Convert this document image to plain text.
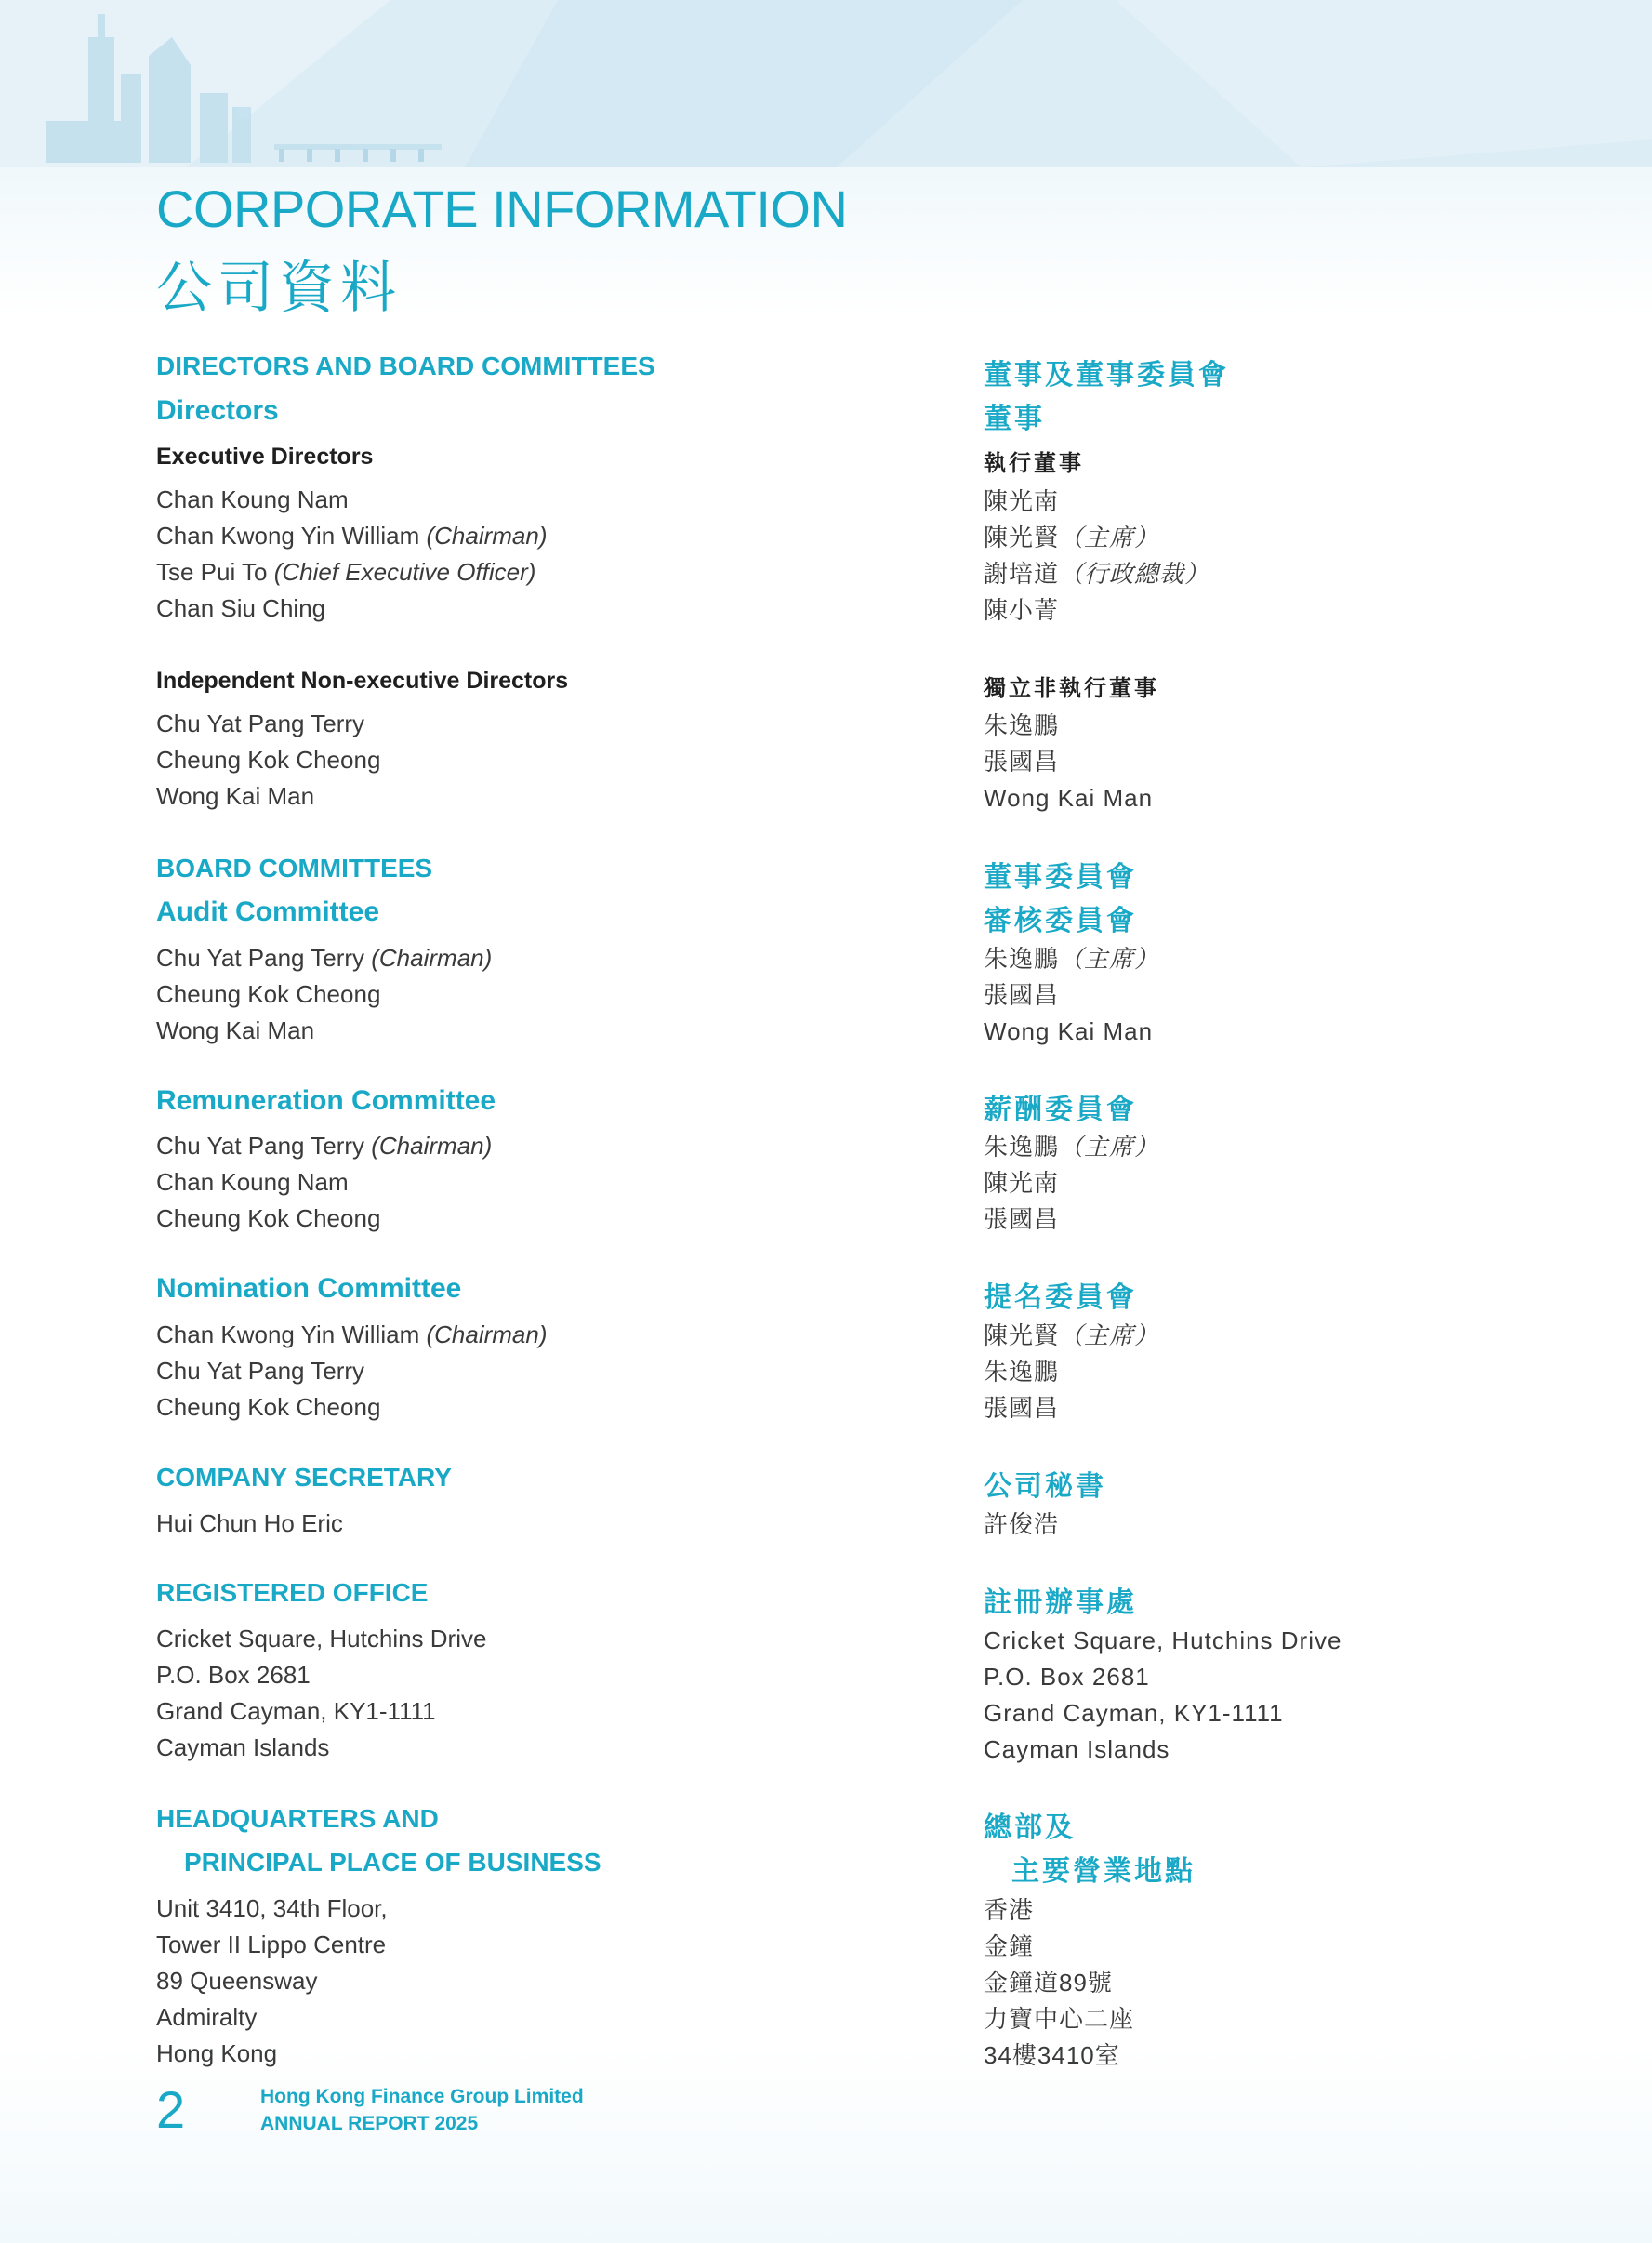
CORPORATE INFORMATION
公司資料
DIRECTORS AND BOARD COMMITTEES
Directors
Executive Directors
Chan Koung Nam
Chan Kwong Yin William (Chairman)
Tse Pui To (Chief Executive Officer)
Chan Siu Ching
Independent Non-executive Directors
Chu Yat Pang Terry
Cheung Kok Cheong
Wong Kai Man
BOARD COMMITTEES
Audit Committee
Chu Yat Pang Terry (Chairman)
Cheung Kok Cheong
Wong Kai Man
Remuneration Committee
Chu Yat Pang Terry (Chairman)
Chan Koung Nam
Cheung Kok Cheong
Nomination Committee
Chan Kwong Yin William (Chairman)
Chu Yat Pang Terry
Cheung Kok Cheong
COMPANY SECRETARY
Hui Chun Ho Eric
REGISTERED OFFICE
Cricket Square, Hutchins Drive
P.O. Box 2681
Grand Cayman, KY1-1111
Cayman Islands
HEADQUARTERS AND
PRINCIPAL PLACE OF BUSINESS
Unit 3410, 34th Floor,
Tower II Lippo Centre
89 Queensway
Admiralty
Hong Kong
董事及董事委員會
董事
執行董事
陳光南
陳光賢（主席）
謝培道（行政總裁）
陳小菁
獨立非執行董事
朱逸鵬
張國昌
Wong Kai Man
董事委員會
審核委員會
朱逸鵬（主席）
張國昌
Wong Kai Man
薪酬委員會
朱逸鵬（主席）
陳光南
張國昌
提名委員會
陳光賢（主席）
朱逸鵬
張國昌
公司秘書
許俊浩
註冊辦事處
Cricket Square, Hutchins Drive
P.O. Box 2681
Grand Cayman, KY1-1111
Cayman Islands
總部及
主要營業地點
香港
金鐘
金鐘道89號
力寶中心二座
34樓3410室
2	Hong Kong Finance Group Limited
ANNUAL REPORT 2025
